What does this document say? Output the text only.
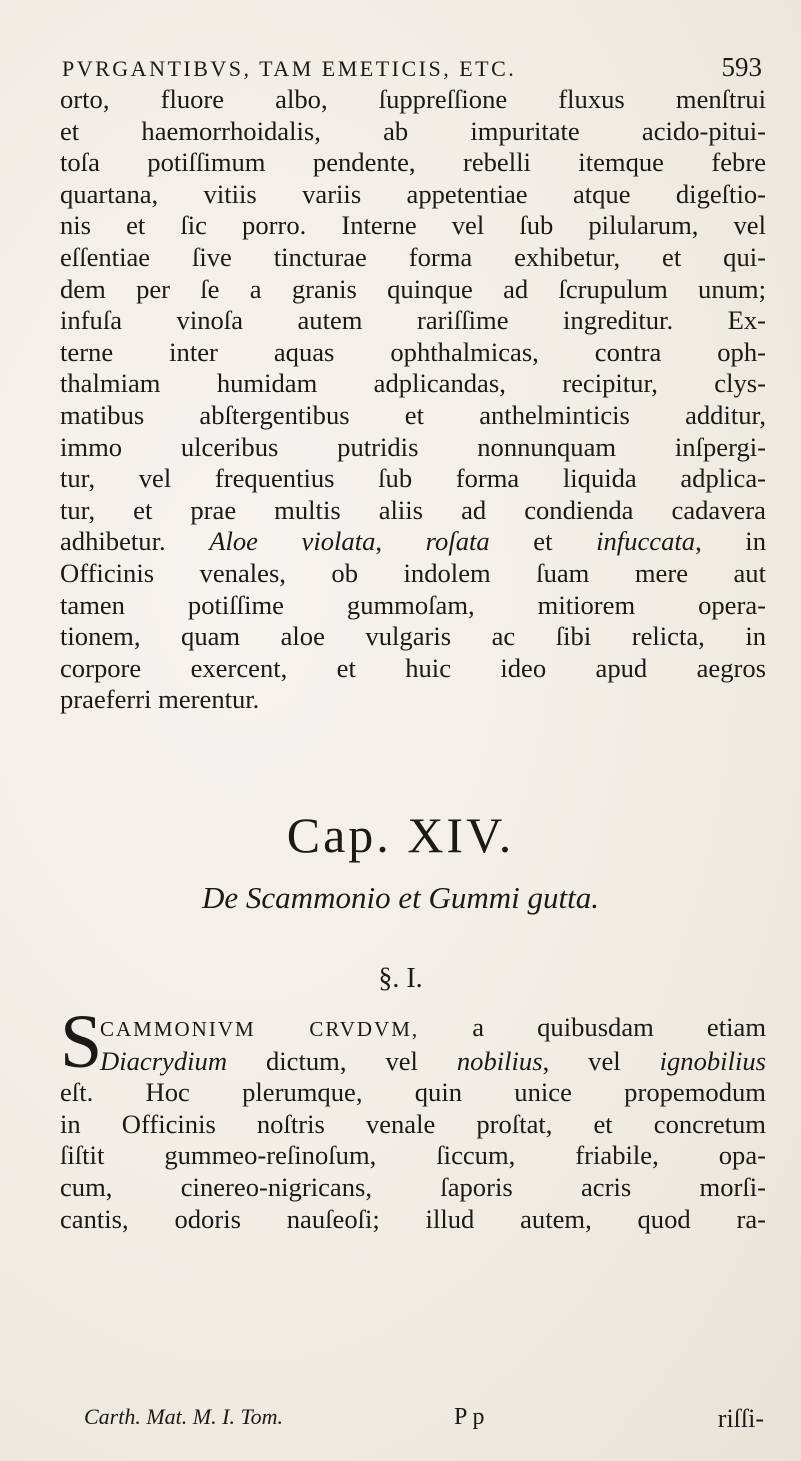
PVRGANTIBVS, TAM EMETICIS, ETC.	593
orto, fluore albo, ſuppreſſione fluxus menſtrui
et haemorrhoidalis, ab impuritate acido-pitui-
toſa potiſſimum pendente, rebelli itemque febre
quartana, vitiis variis appetentiae atque digeſtio-
nis et ſic porro. Interne vel ſub pilularum, vel
eſſentiae ſive tincturae forma exhibetur, et qui-
dem per ſe a granis quinque ad ſcrupulum unum;
infuſa vinoſa autem rariſſime ingreditur. Ex-
terne inter aquas ophthalmicas, contra oph-
thalmiam humidam adplicandas, recipitur, clys-
matibus abſtergentibus et anthelminticis additur,
immo ulceribus putridis nonnunquam inſpergi-
tur, vel frequentius ſub forma liquida adplica-
tur, et prae multis aliis ad condienda cadavera
adhibetur. Aloe violata, roſata et infuccata, in
Officinis venales, ob indolem ſuam mere aut
tamen potiſſime gummoſam, mitiorem opera-
tionem, quam aloe vulgaris ac ſibi relicta, in
corpore exercent, et huic ideo apud aegros
praeferri merentur.
Cap. XIV.
De Scammonio et Gummi gutta.
§. I.
S
CAMMONIVM CRVDVM, a quibusdam etiam
Diacrydium dictum, vel nobilius, vel ignobilius
eſt. Hoc plerumque, quin unice propemodum
in Officinis noſtris venale proſtat, et concretum
ſiſtit gummeo-reſinoſum, ſiccum, friabile, opa-
cum, cinereo-nigricans, ſaporis acris morſi-
cantis, odoris nauſeoſi; illud autem, quod ra-
Carth. Mat. M. I. Tom.	P p	riſſi-
